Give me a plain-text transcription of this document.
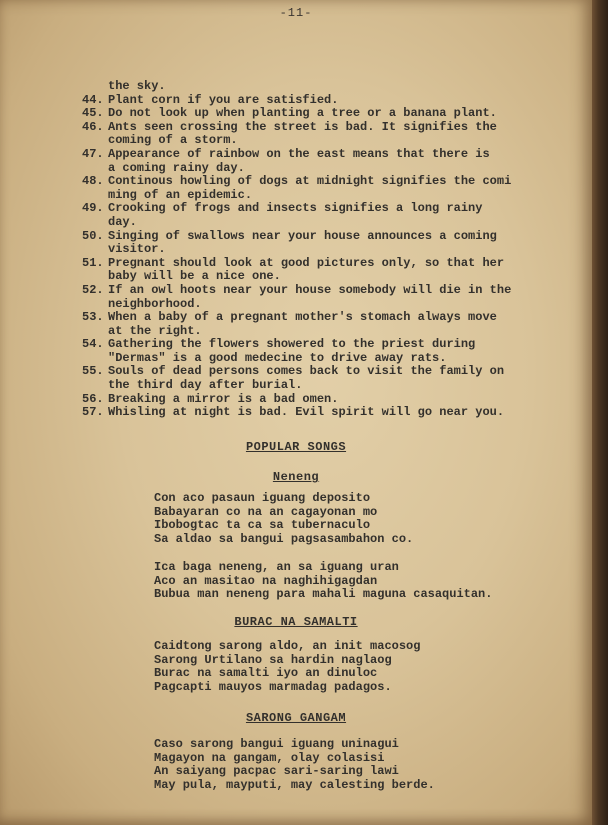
-11-
the sky.
44. Plant corn if you are satisfied.
45. Do not look up when planting a tree or a banana plant.
46. Ants seen crossing the street is bad. It signifies the
coming of a storm.
47. Appearance of rainbow on the east means that there is
a coming rainy day.
48. Continous howling of dogs at midnight signifies the comi
ming of an epidemic.
49. Crooking of frogs and insects signifies a long rainy
day.
50. Singing of swallows near your house announces a coming
visitor.
51. Pregnant should look at good pictures only, so that her
baby will be a nice one.
52. If an owl hoots near your house somebody will die in the
neighborhood.
53. When a baby of a pregnant mother's stomach always move
at the right.
54. Gathering the flowers showered to the priest during
"Dermas" is a good medecine to drive away rats.
55. Souls of dead persons comes back to visit the family on
the third day after burial.
56. Breaking a mirror is a bad omen.
57. Whisling at night is bad. Evil spirit will go near you.
POPULAR SONGS
Neneng
Con aco pasaun iguang deposito
Babayaran co na an cagayonan mo
Ibobogtac ta ca sa tubernaculo
Sa aldao sa bangui pagsasambahon co.
Ica baga neneng, an sa iguang uran
Aco an masitao na naghihigagdan
Bubua man neneng para mahali maguna casaquitan.
BURAC NA SAMALTI
Caidtong sarong aldo, an init macosog
Sarong Urtilano sa hardin naglaog
Burac na samalti iyo an dinuloc
Pagcapti mauyos marmadag padagos.
SARONG GANGAM
Caso sarong bangui iguang uninagui
Magayon na gangam, olay colasisi
An saiyang pacpac sari-saring lawi
May pula, mayputi, may calesting berde.
